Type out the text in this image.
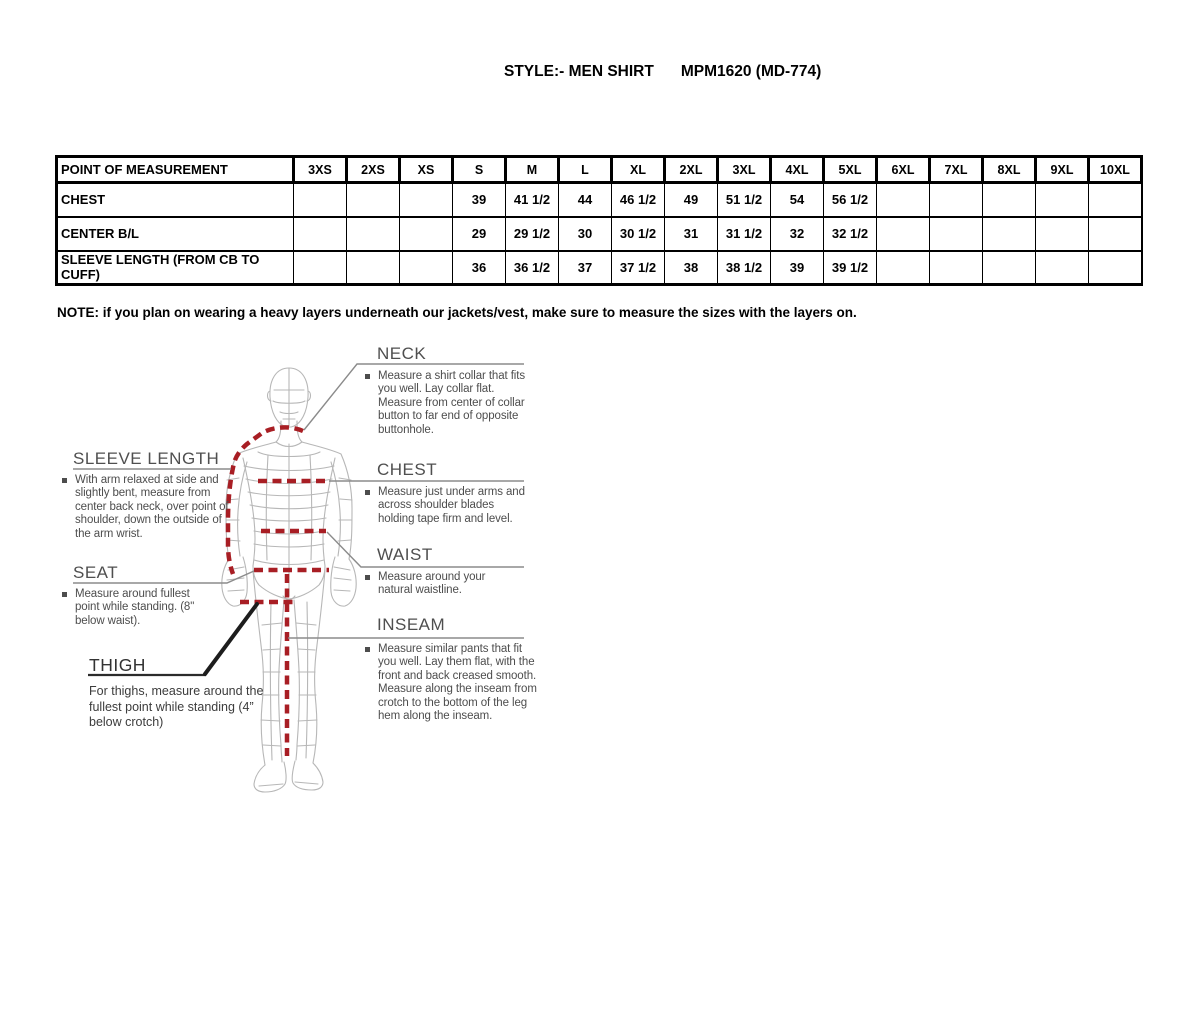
STYLE:- MEN SHIRT MPM1620 (MD-774)
POINT OF MEASUREMENT	3XS	2XS	XS	S	M	L	XL	2XL	3XL	4XL	5XL	6XL	7XL	8XL	9XL	10XL
CHEST				39	41 1/2	44	46 1/2	49	51 1/2	54	56 1/2					
CENTER B/L				29	29 1/2	30	30 1/2	31	31 1/2	32	32 1/2					
SLEEVE LENGTH (FROM CB TO CUFF)				36	36 1/2	37	37 1/2	38	38 1/2	39	39 1/2					
NOTE: if you plan on wearing a heavy layers underneath our jackets/vest, make sure to measure the sizes with the layers on.
NECK
Measure a shirt collar that fits you well. Lay collar flat. Measure from center of collar button to far end of opposite buttonhole.
CHEST
Measure just under arms and across shoulder blades holding tape firm and level.
WAIST
Measure around your natural waistline.
INSEAM
Measure similar pants that fit you well. Lay them flat, with the front and back creased smooth. Measure along the inseam from crotch to the bottom of the leg hem along the inseam.
SLEEVE LENGTH
With arm relaxed at side and slightly bent, measure from center back neck, over point of shoulder, down the outside of the arm wrist.
SEAT
Measure around fullest point while standing. (8" below waist).
THIGH
For thighs, measure around the fullest point while standing (4” below crotch)
